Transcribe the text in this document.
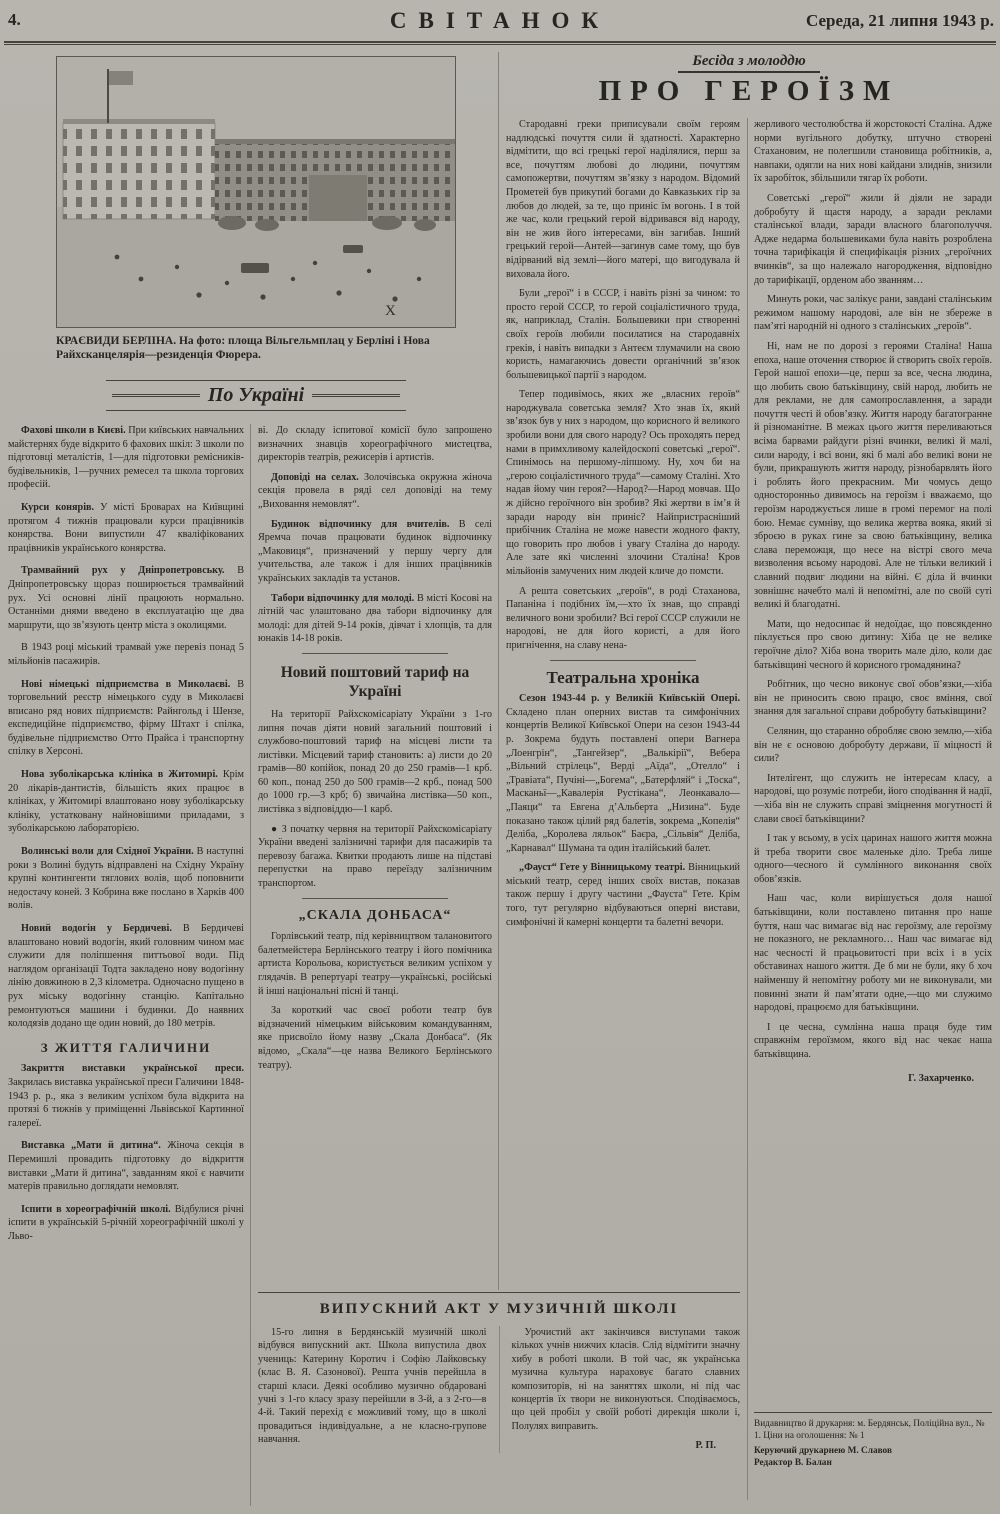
4.	СВІТАНОК	Середа, 21 липня 1943 р.
X
КРАЄВИДИ БЕРЛІНА. На фото: площа Вільгельмплац у Берліні і Нова Райхсканцелярія—резиденція Фюрера.
По Україні

Фахові школи в Києві. При київських навчальних майстернях буде відкрито 6 фахових шкіл: 3 школи по підготовці металістів, 1—для підготовки ремісників-будівельників, 1—ручних ремесел та школа торгових професій.

Курси конярів. У місті Броварах на Київщині протягом 4 тижнів працювали курси працівників конярства. Вони випустили 47 кваліфікованих працівників українського конярства.

Трамвайний рух у Дніпропетровську. В Дніпропетровську щораз поширюється трамвайний рух. Усі основні лінії працюють нормально. Останніми днями введено в експлуатацію ще два маршрути, що зв’язують центр міста з околицями.

В 1943 році міський трамвай уже перевіз понад 5 мільйонів пасажирів.

Нові німецькі підприємства в Миколаєві. В торговельний реєстр німецького суду в Миколаєві вписано ряд нових підприємств: Райнгольд і Шензе, експедиційне підприємство, фірму Штахт і спілка, будівельне підприємство Отто Прайса і транспортну спілку в Херсоні.

Нова зуболікарська клініка в Житомирі. Крім 20 лікарів-дантистів, більшість яких працює в клініках, у Житомирі влаштовано нову зуболікарську клініку, устатковану найновішими приладами, з зуболікарською лабораторією.

Волинські воли для Східної України. В наступні роки з Волині будуть відправлені на Східну Україну крупні контингенти тяглових волів, щоб поповнити недостачу коней. З Кобрина вже послано в Харків 400 волів.

Новий водогін у Бердичеві. В Бердичеві влаштовано новий водогін, який головним чином має служити для поліпшення питтьової води. Під наглядом організації Тодта закладено нову водогінну лінію довжиною в 2,3 кілометра. Одночасно пущено в рух міську водогінну станцію. Капітально ремонтуються машини і будинки. До наявних колодязів додано ще один новий, до 180 метрів.

З ЖИТТЯ ГАЛИЧИНИ

Закриття виставки української преси.Закрилась виставка української преси Галичини 1848-1943 р. р., яка з великим успіхом була відкрита на протязі 6 тижнів у приміщенні Львівської Картинної галереї.

Виставка „Мати й дитина“. Жіноча секція в Перемишлі провадить підготовку до відкриття виставки „Мати й дитина“, завданням якої є навчити матерів правильно доглядати немовлят.

Іспити в хореографічній школі. Відбулися річні іспити в українській 5-річній хореографічній школі у Льво-

ві. До складу іспитової комісії було запрошено визначних знавців хореографічного мистецтва, директорів театрів, режисерів і артистів.

Доповіді на селах. Золочівська окружна жіноча секція провела в ряді сел доповіді на тему „Виховання немовлят“.

Будинок відпочинку для вчителів. В селі Яремча почав працювати будинок відпочинку „Маковиця“, призначений у першу чергу для учительства, але також і для інших працівників українських закладів та установ.

Табори відпочинку для молоді. В місті Косові на літній час улаштовано два табори відпочинку для молоді: для дітей 9-14 років, дівчат і хлопців, та для юнаків 14-18 років.

Новий поштовий тариф на Україні

На території Райхскомісаріату України з 1-го липня почав діяти новий загальний поштовий і службово-поштовий тариф на місцеві листи та листівки. Місцевий тариф становить: а) листи до 20 грамів—80 копійок, понад 20 до 250 грамів—1 крб. 60 коп., понад 250 до 500 грамів—2 крб., понад 500 до 1000 гр.—3 крб; б) звичайна листівка—50 коп., листівка з відповіддю—1 карб.

● З початку червня на території Райхскомісаріату України введені залізничні тарифи для пасажирів та перевозу багажа. Квитки продають лише на підставі перепустки на право переїзду залізничним транспортом.

„СКАЛА ДОНБАСА“

Горлівський театр, під керівництвом талановитого балетмейстера Берлінського театру і його помічника артиста Корольова, користується великим успіхом у глядачів. В репертуарі театру—українські, російські й інші національні пісні й танці.

За короткий час своєї роботи театр був відзначений німецьким військовим командуванням, яке присвоїло йому назву „Скала Донбаса“. (Як відомо, „Скала“—це назва Великого Берлінського театру).

Бесіда з молоддю
ПРО ГЕРОЇЗМ

Стародавні греки приписували своїм героям надлюдські почуття сили й здатності. Характерно відмітити, що всі грецькі герої наділялися, перш за все, почуттям любові до людини, почуттям самопожертви, почуттям зв’язку з народом. Відомий Прометей був прикутий богами до Кавказьких гір за любов до людей, за те, що приніс їм вогонь. І в той же час, коли грецький герой відривався від народу, він не жив його інтересами, він загибав. Інший грецький герой—Антей—загинув саме тому, що був відірваний від землі—його матері, що вигодувала й виховала його.

Були „герої“ і в СССР, і навіть різні за чином: то просто герой СССР, то герой соціалістичного труда, як, наприклад, Сталін. Большевики при створенні своїх героїв любили посилатися на стародавніх греків, і навіть випадки з Антеєм тлумачили на свою користь, намагаючись довести органічний зв’язок большевицької партії з народом.

Тепер подивімось, яких же „власних героїв“ народжувала советська земля? Хто знав їх, який зв’язок був у них з народом, що корисного й великого зробили вони для свого народу? Ось проходять перед нами в примхливому калейдоскопі советські „герої“. Спинімось на першому-ліпшому. Ну, хоч би на „герою соціалістичного труда“—самому Сталіні. Хто надав йому чин героя?—Народ?—Народ мовчав. Що ж дійсно героїчного він зробив? Які жертви в ім’я й заради народу він приніс? Найпристрасніший прибічник Сталіна не може навести жодного факту, що говорить про любов і увагу Сталіна до народу. Але зате які численні злочини Сталіна! Кров мільйонів замучених ним людей кличе до помсти.

А решта советських „героїв“, в роді Стаханова, Папаніна і подібних їм,—хто їх знав, що справді величного вони зробили? Всі герої СССР служили не народові, не для його користі, а для його пригнічення, на славу нена-

Театральна хроніка

Сезон 1943-44 р. у Великій Київській Опері.Складено план оперних вистав та симфонічних концертів Великої Київської Опери на сезон 1943-44 р. Зокрема будуть поставлені опери Вагнера „Лоенгрін“, „Тангейзер“, „Валькірії“, Вебера „Вільний стрілець“, Верді „Аїда“, „Отелло“ і „Травіата“, Пучіні—„Богема“, „Батерфляй“ і „Тоска“, Масканьї—„Кавалерія Рустікана“, Леонкавало—„Паяци“ та Евгена д’Альберта „Низина“. Буде показано також цілий ряд балетів, зокрема „Копелія“ Деліба, „Королева ляльок“ Баєра, „Сільвія“ Деліба, „Карнавал“ Шумана та один італійський балет.

„Фауст“ Гете у Вінницькому театрі. Вінницький міський театр, серед інших своїх вистав, показав також першу і другу частини „Фауста“ Гете. Крім того, тут регулярно відбуваються оперні вистави, симфонічні й камерні концерти та балетні вечори.

жерливого честолюбства й жорстокості Сталіна. Адже норми вугільного добутку, штучно створені Стахановим, не полегшили становища робітників, а, навпаки, одягли на них нові кайдани злиднів, знизили їх заробіток, збільшили тягар їх роботи.

Советські „герої“ жили й діяли не заради добробуту й щастя народу, а заради реклами сталінської влади, заради власного благополуччя. Адже недарма большевиками була навіть розроблена точна тарифікація й специфікація різних „героїчних вчинків“, за що належало нагородження, відповідно до тарифікації, орденом або званням…

Минуть роки, час залікує рани, завдані сталінським режимом нашому народові, але він не збереже в пам’яті народній ні одного з сталінських „героїв“.

Ні, нам не по дорозі з героями Сталіна! Наша епоха, наше оточення створює й створить своїх героїв. Герой нашої епохи—це, перш за все, чесна людина, що любить свою батьківщину, свій народ, любить не для реклами, не для самопрославлення, а заради почуття честі й обов’язку. Життя народу багатогранне й різноманітне. В межах цього життя переливаються всіма барвами райдуги різні вчинки, великі й малі, сили народу, і всі вони, які б малі або великі вони не були, прикрашують життя народу, різнобарвлять його і роблять його прекрасним. Ми чомусь дещо односторонньо дивимось на героїзм і вважаємо, що героїзм народжується лише в громі перемог на полі бою. Немає сумніву, що велика жертва вояка, який зі зброєю в руках гине за свою батьківщину, велика слава переможця, що несе на вістрі свого меча визволення всьому народові. Але не тільки великий і славний подвиг людини на війні. Є діла й вчинки зовнішнє начебто малі й непомітні, але по своїй суті великі й благодатні.

Мати, що недосипає й недоїдає, що повсякденно піклується про свою дитину: Хіба це не велике героїчне діло? Хіба вона творить мале діло, коли дає батьківщині чесного й корисного громадянина?

Робітник, що чесно виконує свої обов’язки,—хіба він не приносить свою працю, своє вміння, свої знання для загальної справи добробуту батьківщини?

Селянин, що старанно обробляє свою землю,—хіба він не є основою добробуту держави, її міцності й сили?

Інтелігент, що служить не інтересам класу, а народові, що розуміє потреби, його сподівання й надії,—хіба він не служить справі зміцнення могутності й слави своєї батьківщини?

І так у всьому, в усіх царинах нашого життя можна й треба творити своє маленьке діло. Треба лише одного—чесного й сумлінного виконання своїх обов’язків.

Наш час, коли вирішується доля нашої батьківщини, коли поставлено питання про наше буття, наш час вимагає від нас героїзму, але героїзму не показного, не рекламного… Наш час вимагає від нас чесності й працьовитості при всіх і в усіх обставинах нашого життя. Де б ми не були, яку б хоч найменшу й непомітну роботу ми не виконували, ми повинні знати й пам’ятати одне,—що ми служимо народові, працюємо для батьківщини.

І це чесна, сумлінна наша праця буде тим справжнім героїзмом, якого від нас чекає наша батьківщина.

Г. Захарченко.

ВИПУСКНИЙ АКТ У МУЗИЧНІЙ ШКОЛІ

15-го липня в Бердянській музичній школі відбувся випускний акт. Школа випустила двох учениць: Катерину Коротич і Софію Лайковську (клас В. Я. Сазонової). Решта учнів перейшла в старші класи. Деякі особливо музично обдаровані учні з 1-го класу зразу перейшли в 3-й, а з 2-го—в 4-й. Такий перехід є можливий тому, що в школі провадиться індивідуальне, а не класно-групове навчання.

Урочистий акт закінчився виступами також кількох учнів нижчих класів. Слід відмітити значну хибу в роботі школи. В той час, як українська музична культура нараховує багато славних композиторів, ні на заняттях школи, ні під час концертів їх твори не виконуються. Сподіваємось, що цей пробіл у своїй роботі дирекція школи і, Полулях виправить.

Р. П.

Видавництво й друкарня: м. Бердянськ, Поліційна вул., № 1. Ціни на оголошення: № 1

Керуючий друкарнею М. Славов
Редактор В. Балан
